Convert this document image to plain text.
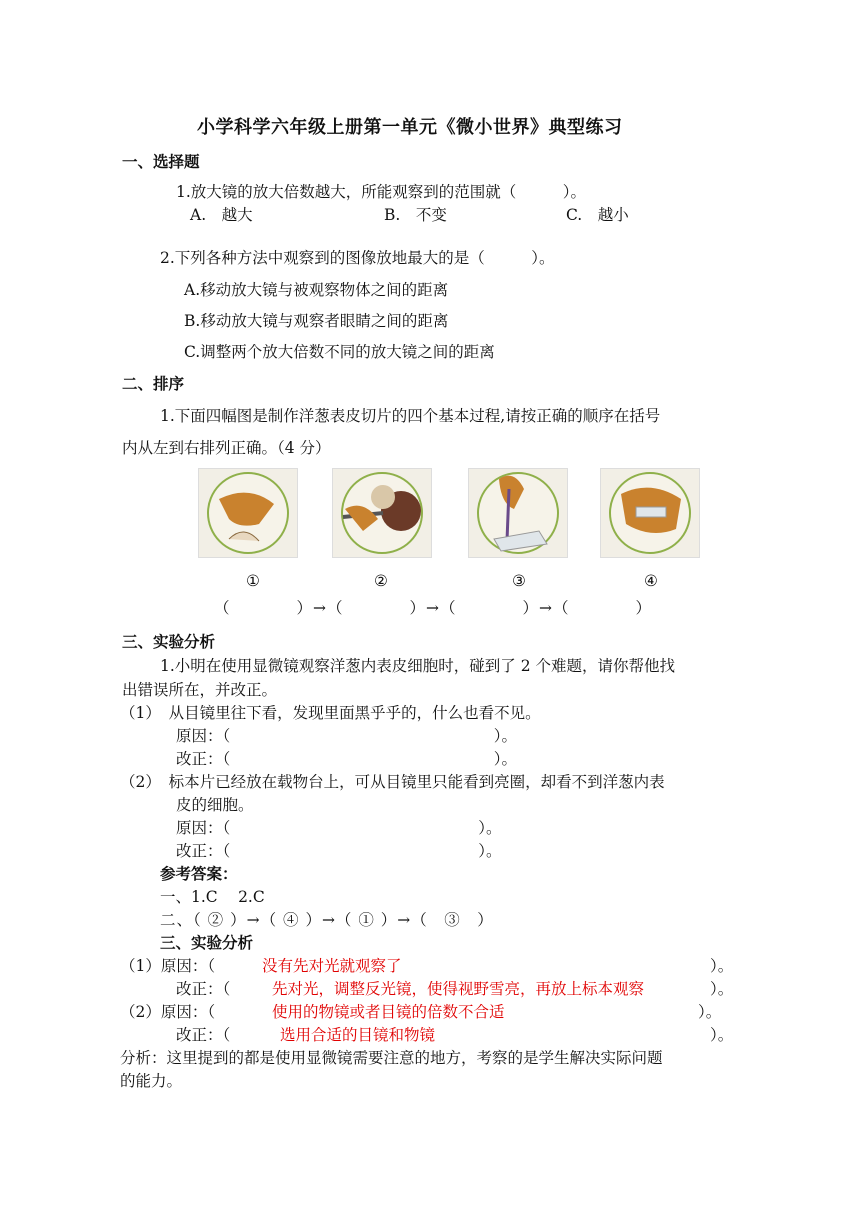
小学科学六年级上册第一单元《微小世界》典型练习
一、选择题
1.放大镜的放大倍数越大，所能观察到的范围就（　　　）。
A.　越大	B.　不变	C.　越小
2.下列各种方法中观察到的图像放地最大的是（　　　）。
A.移动放大镜与被观察物体之间的距离
B.移动放大镜与观察者眼睛之间的距离
C.调整两个放大倍数不同的放大镜之间的距离
二、排序
1.下面四幅图是制作洋葱表皮切片的四个基本过程,请按正确的顺序在括号
内从左到右排列正确。（4 分）
①	②	③	④
（　　　　）→（　　　　）→（　　　　）→（　　　　）
三、实验分析
1.小明在使用显微镜观察洋葱内表皮细胞时，碰到了 2 个难题，请你帮他找
出错误所在，并改正。
（1）　从目镜里往下看，发现里面黑乎乎的，什么也看不见。
原因：（　　　　　　　　　　　　　　　　　）。
改正：（　　　　　　　　　　　　　　　　　）。
（2）　标本片已经放在载物台上，可从目镜里只能看到亮圈，却看不到洋葱内表
皮的细胞。
原因：（　　　　　　　　　　　　　　　　）。
改正：（　　　　　　　　　　　　　　　　）。
参考答案：
一、1.C　 2.C
二、（ ② ）→（ ④ ）→（ ① ）→（　③　）
三、实验分析
（1）原因：（	没有先对光就观察了	）。
改正：（	先对光，调整反光镜，使得视野雪亮，再放上标本观察	）。
（2）原因：（	使用的物镜或者目镜的倍数不合适	）。
改正：（	选用合适的目镜和物镜	）。
分析：这里提到的都是使用显微镜需要注意的地方，考察的是学生解决实际问题
的能力。
